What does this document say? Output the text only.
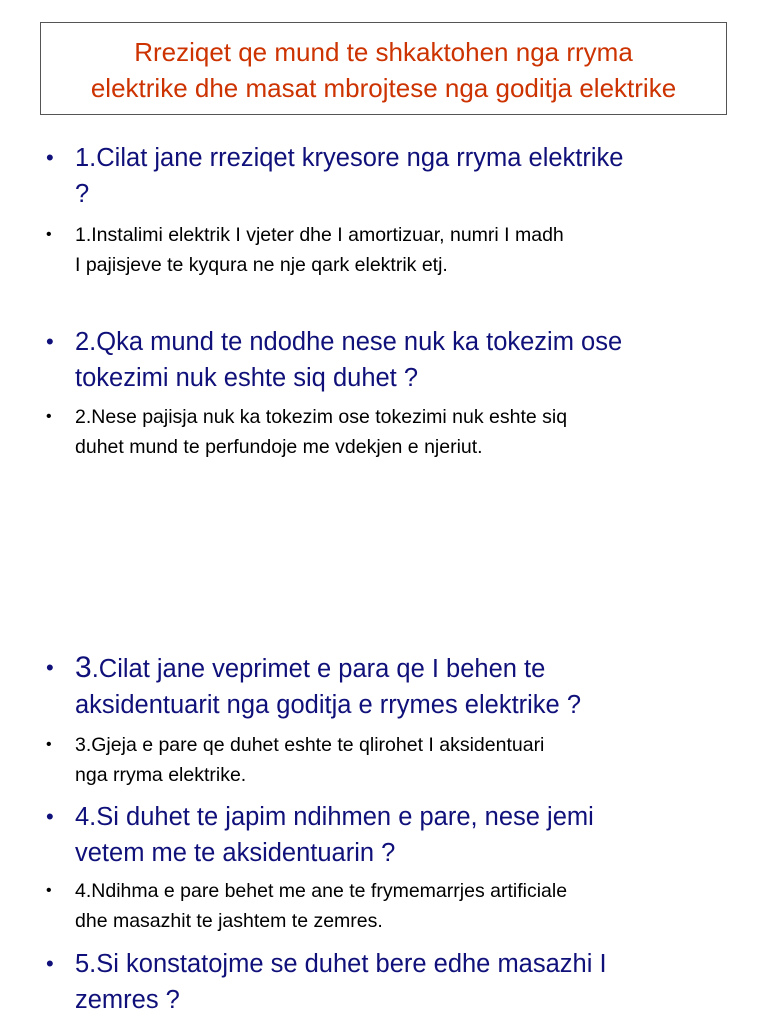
Rreziqet qe mund te shkaktohen nga rryma
elektrike dhe masat mbrojtese nga goditja elektrike
• 1.Cilat jane rreziqet kryesore nga rryma elektrike
?
• 1.Instalimi elektrik I vjeter dhe I amortizuar, numri I madh
I pajisjeve te kyqura ne nje qark elektrik etj.
• 2.Qka mund te ndodhe nese nuk ka tokezim ose
tokezimi nuk eshte siq duhet ?
• 2.Nese pajisja nuk ka tokezim ose tokezimi nuk eshte siq
duhet mund te perfundoje me vdekjen e njeriut.
• 3.Cilat jane veprimet e para qe I behen te
aksidentuarit nga goditja e rrymes elektrike ?
• 3.Gjeja e pare qe duhet eshte te qlirohet I aksidentuari
nga rryma elektrike.
• 4.Si duhet te japim ndihmen e pare, nese jemi
vetem me te aksidentuarin ?
• 4.Ndihma e pare behet me ane te frymemarrjes artificiale
dhe masazhit te jashtem te zemres.
• 5.Si konstatojme se duhet bere edhe masazhi I
zemres ?
